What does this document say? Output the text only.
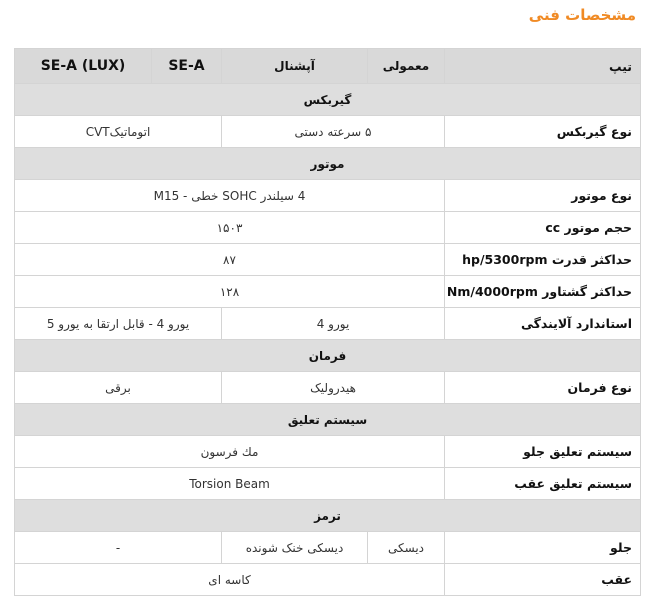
مشخصات فنی
تیپ	معمولی	آپشنال	SE-A	SE-A (LUX)
گیربکس				
نوع گیربکس	۵ سرعته دستی		اتوماتیکCVT	
موتور				
نوع موتور	4 سیلندر SOHC خطی - M15			
حجم موتور cc	۱۵۰۳			
حداکثر قدرت hp/5300rpm	۸۷			
حداکثر گشتاور Nm/4000rpm	۱۲۸			
استاندارد آلایندگی	یورو 4		یورو 4 - قابل ارتقا به یورو 5	
فرمان				
نوع فرمان	هیدرولیک		برقی	
سیستم تعلیق				
سیستم تعلیق جلو	مك فرسون			
سیستم تعلیق عقب	Torsion Beam			
ترمز				
جلو	دیسکی	دیسکی خنک شونده	-	
عقب	کاسه ای			
